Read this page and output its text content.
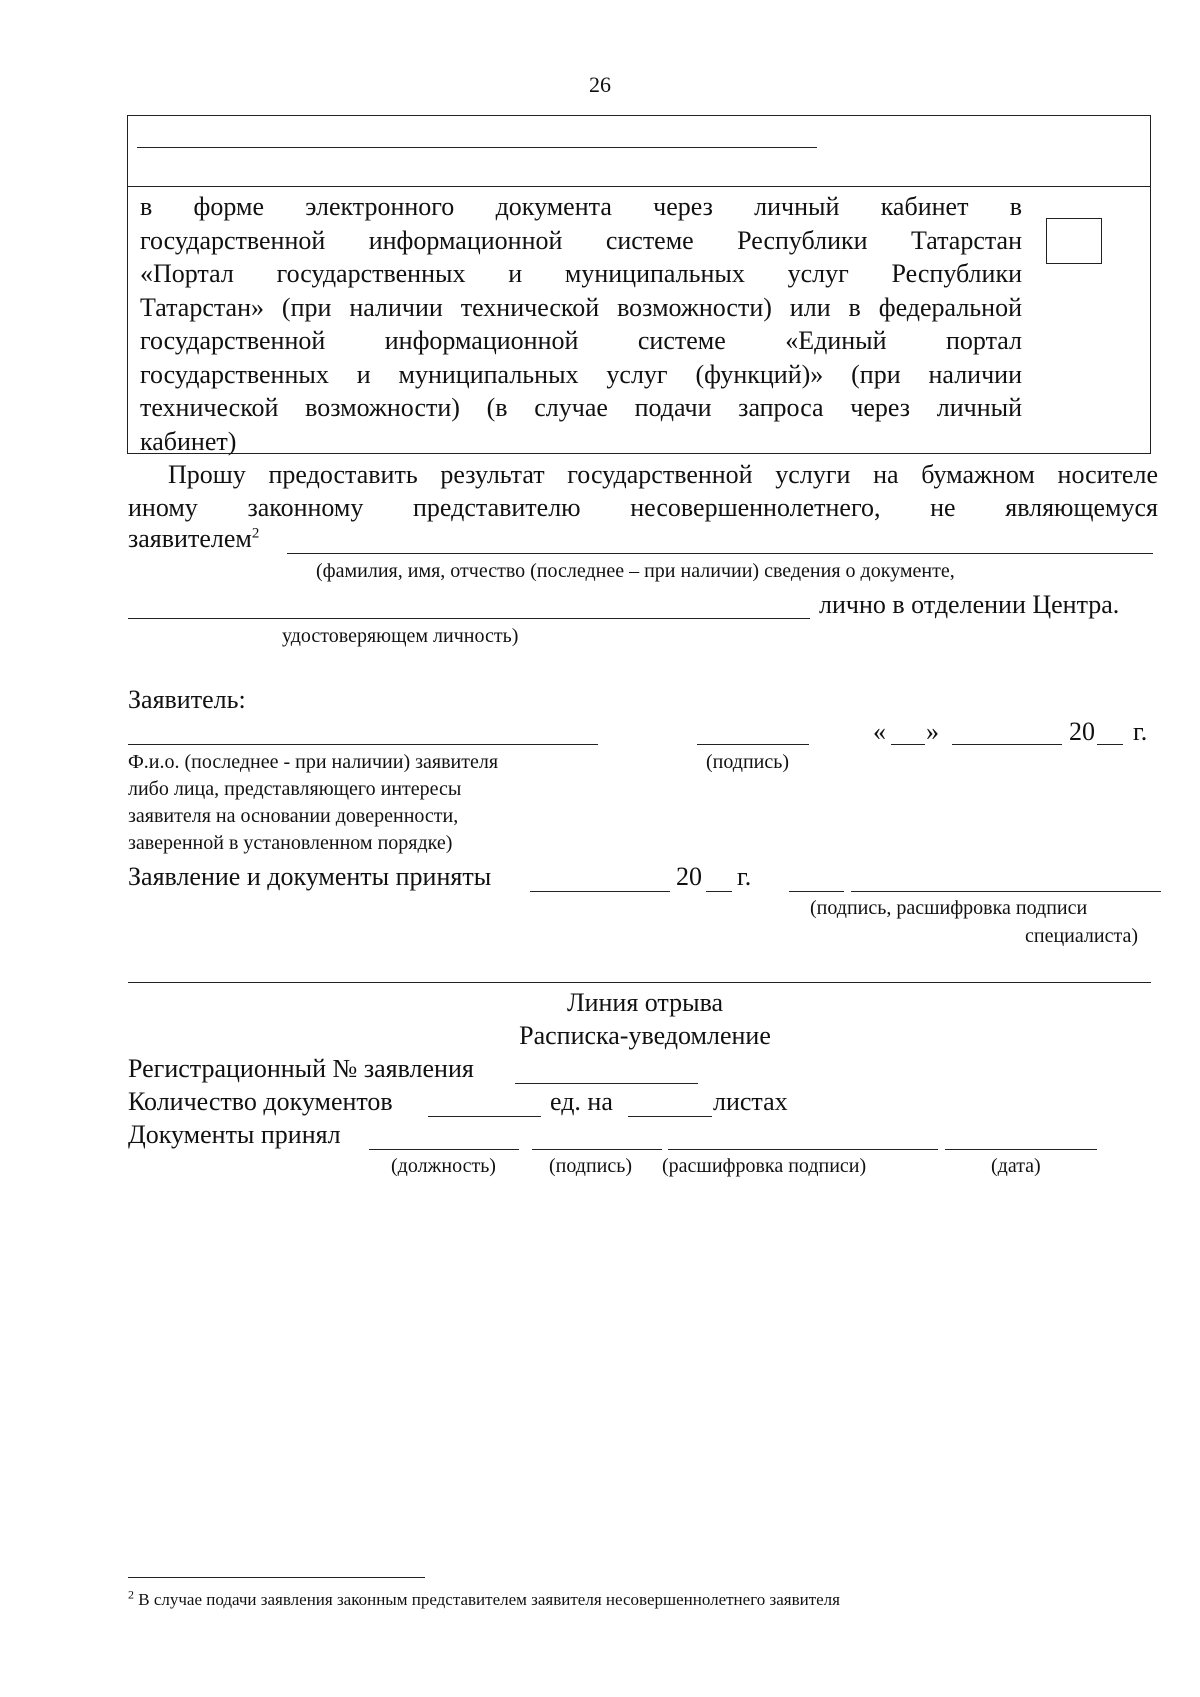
26
в форме электронного документа через личный кабинет в
государственной информационной системе Республики Татарстан
«Портал государственных и муниципальных услуг Республики
Татарстан» (при наличии технической возможности) или в федеральной
государственной информационной системе «Единый портал
государственных и муниципальных услуг (функций)» (при наличии
технической возможности) (в случае подачи запроса через личный
кабинет)
Прошу предоставить результат государственной услуги на бумажном носителе
иному законному представителю несовершеннолетнего, не являющемуся
заявителем$^2$
(фамилия, имя, отчество (последнее – при наличии) сведения о документе,
лично в отделении Центра.
удостоверяющем личность)
Заявитель:
« »	20 г.
Ф.и.о. (последнее - при наличии) заявителя
либо лица, представляющего интересы
заявителя на основании доверенности,
заверенной в установленном порядке)
(подпись)
Заявление и документы приняты	20 г.
(подпись, расшифровка подписи
специалиста)
Линия отрыва
Расписка-уведомление
Регистрационный № заявления
Количество документов	ед. на	листах
Документы принял
(должность)	(подпись) (расшифровка подписи)	(дата)
$^2$ В случае подачи заявления законным представителем заявителя несовершеннолетнего заявителя
